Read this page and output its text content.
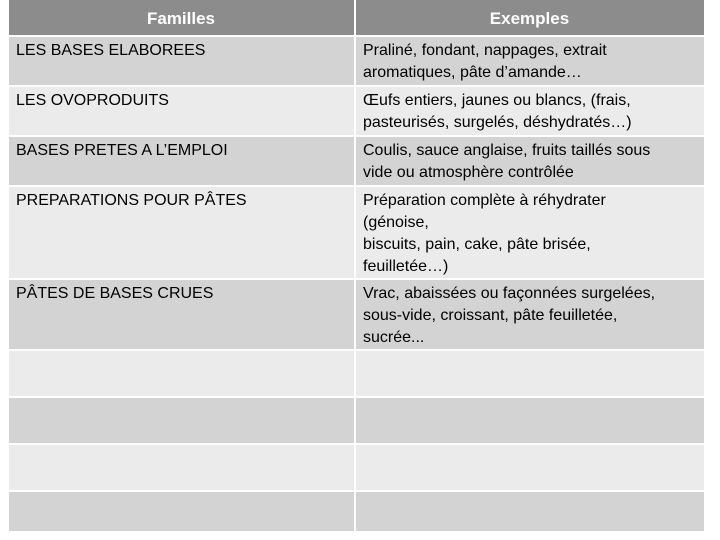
Familles	Exemples
LES BASES ELABOREES	Praliné, fondant, nappages, extrait
aromatiques, pâte d’amande…
LES OVOPRODUITS	Œufs entiers, jaunes ou blancs, (frais,
pasteurisés, surgelés, déshydratés…)
BASES PRETES A L’EMPLOI	Coulis, sauce anglaise, fruits taillés sous
vide ou atmosphère contrôlée
PREPARATIONS POUR PÂTES	Préparation complète à réhydrater
(génoise,
biscuits, pain, cake, pâte brisée,
feuilletée…)
PÂTES DE BASES CRUES	Vrac, abaissées ou façonnées surgelées,
sous-vide, croissant, pâte feuilletée,
sucrée...
